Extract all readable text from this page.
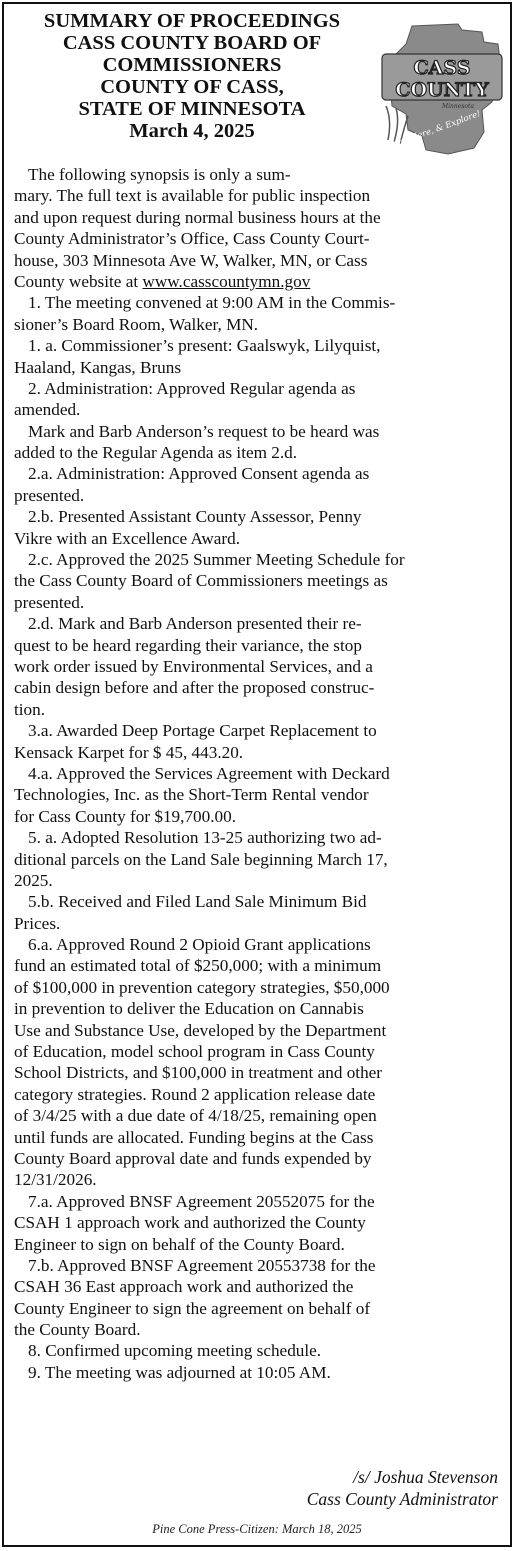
SUMMARY OF PROCEEDINGS
CASS COUNTY BOARD OF
COMMISSIONERS
COUNTY OF CASS,
STATE OF MINNESOTA
March 4, 2025
CASS
COUNTY
Minnesota
Stay Here, & Explore!
The following synopsis is only a sum-
mary. The full text is available for public inspection
and upon request during normal business hours at the
County Administrator’s Office, Cass County Court-
house, 303 Minnesota Ave W, Walker, MN, or Cass
County website at www.casscountymn.gov
1. The meeting convened at 9:00 AM in the Commis-
sioner’s Board Room, Walker, MN.
1. a. Commissioner’s present: Gaalswyk, Lilyquist,
Haaland, Kangas, Bruns
2. Administration: Approved Regular agenda as
amended.
Mark and Barb Anderson’s request to be heard was
added to the Regular Agenda as item 2.d.
2.a. Administration: Approved Consent agenda as
presented.
2.b. Presented Assistant County Assessor, Penny
Vikre with an Excellence Award.
2.c. Approved the 2025 Summer Meeting Schedule for
the Cass County Board of Commissioners meetings as
presented.
2.d. Mark and Barb Anderson presented their re-
quest to be heard regarding their variance, the stop
work order issued by Environmental Services, and a
cabin design before and after the proposed construc-
tion.
3.a. Awarded Deep Portage Carpet Replacement to
Kensack Karpet for $ 45, 443.20.
4.a. Approved the Services Agreement with Deckard
Technologies, Inc. as the Short-Term Rental vendor
for Cass County for $19,700.00.
5. a. Adopted Resolution 13-25 authorizing two ad-
ditional parcels on the Land Sale beginning March 17,
2025.
5.b. Received and Filed Land Sale Minimum Bid
Prices.
6.a. Approved Round 2 Opioid Grant applications
fund an estimated total of $250,000; with a minimum
of $100,000 in prevention category strategies, $50,000
in prevention to deliver the Education on Cannabis
Use and Substance Use, developed by the Department
of Education, model school program in Cass County
School Districts, and $100,000 in treatment and other
category strategies. Round 2 application release date
of 3/4/25 with a due date of 4/18/25, remaining open
until funds are allocated. Funding begins at the Cass
County Board approval date and funds expended by
12/31/2026.
7.a. Approved BNSF Agreement 20552075 for the
CSAH 1 approach work and authorized the County
Engineer to sign on behalf of the County Board.
7.b. Approved BNSF Agreement 20553738 for the
CSAH 36 East approach work and authorized the
County Engineer to sign the agreement on behalf of
the County Board.
8. Confirmed upcoming meeting schedule.
9. The meeting was adjourned at 10:05 AM.
/s/ Joshua Stevenson
Cass County Administrator
Pine Cone Press-Citizen: March 18, 2025
